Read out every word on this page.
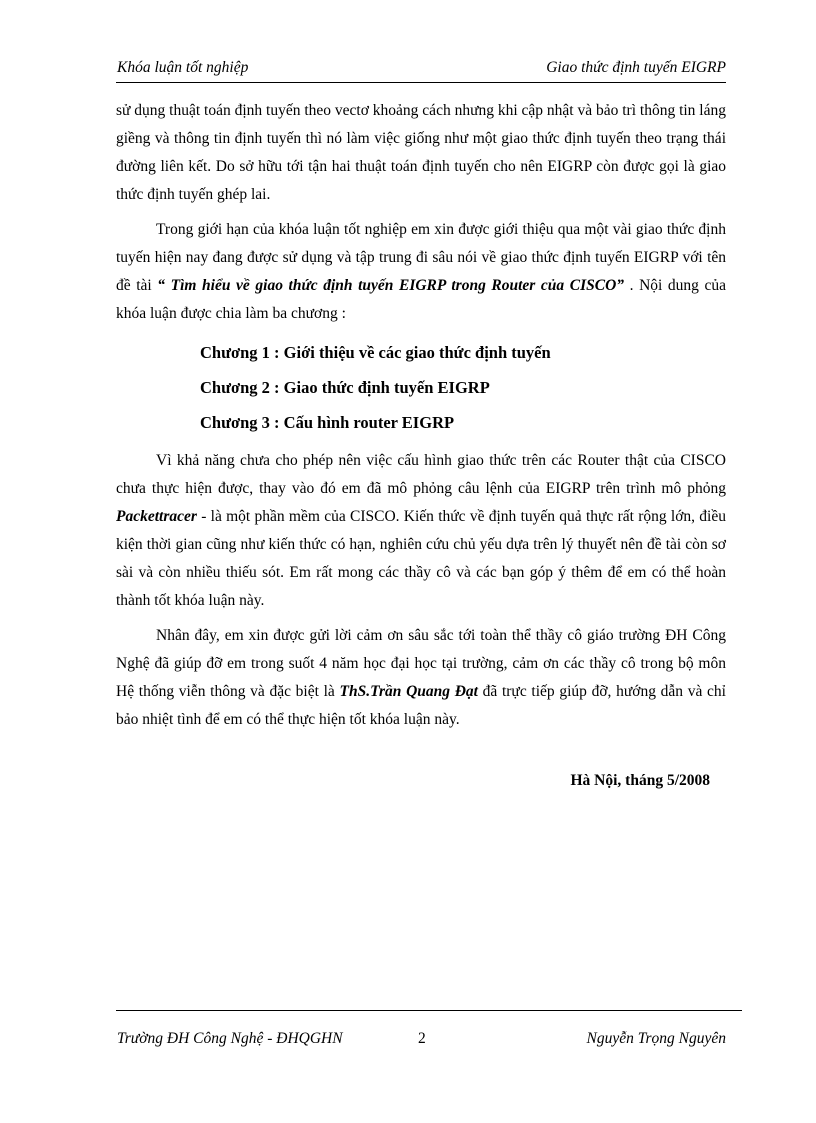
Khóa luận tốt nghiệp	Giao thức định tuyến EIGRP

sử dụng thuật toán định tuyến theo vectơ khoảng cách nhưng khi cập nhật và bảo trì thông tin láng giềng và thông tin định tuyến thì nó làm việc giống như một giao thức định tuyến theo trạng thái đường liên kết. Do sở hữu tới tận hai thuật toán định tuyến cho nên EIGRP còn được gọi là giao thức định tuyến ghép lai.

Trong giới hạn của khóa luận tốt nghiệp em xin được giới thiệu qua một vài giao thức định tuyến hiện nay đang được sử dụng và tập trung đi sâu nói về giao thức định tuyến EIGRP với tên đề tài “ Tìm hiểu về giao thức định tuyến EIGRP trong Router của CISCO” . Nội dung của khóa luận được chia làm ba chương :

Chương 1 : Giới thiệu về các giao thức định tuyến
Chương 2 : Giao thức định tuyến EIGRP
Chương 3 : Cấu hình router EIGRP

Vì khả năng chưa cho phép nên việc cấu hình giao thức trên các Router thật của CISCO chưa thực hiện được, thay vào đó em đã mô phỏng câu lệnh của EIGRP trên trình mô phỏng Packettracer - là một phần mềm của CISCO. Kiến thức về định tuyến quả thực rất rộng lớn, điều kiện thời gian cũng như kiến thức có hạn, nghiên cứu chủ yếu dựa trên lý thuyết nên đề tài còn sơ sài và còn nhiều thiếu sót. Em rất mong các thầy cô và các bạn góp ý thêm để em có thể hoàn thành tốt khóa luận này.

Nhân đây, em xin được gửi lời cảm ơn sâu sắc tới toàn thể thầy cô giáo trường ĐH Công Nghệ đã giúp đỡ em trong suốt 4 năm học đại học tại trường, cảm ơn các thầy cô trong bộ môn Hệ thống viễn thông và đặc biệt là ThS.Trần Quang Đạt đã trực tiếp giúp đỡ, hướng dẫn và chỉ bảo nhiệt tình để em có thể thực hiện tốt khóa luận này.

Hà Nội, tháng 5/2008
Trường ĐH Công Nghệ - ĐHQGHN	2	Nguyễn Trọng Nguyên
